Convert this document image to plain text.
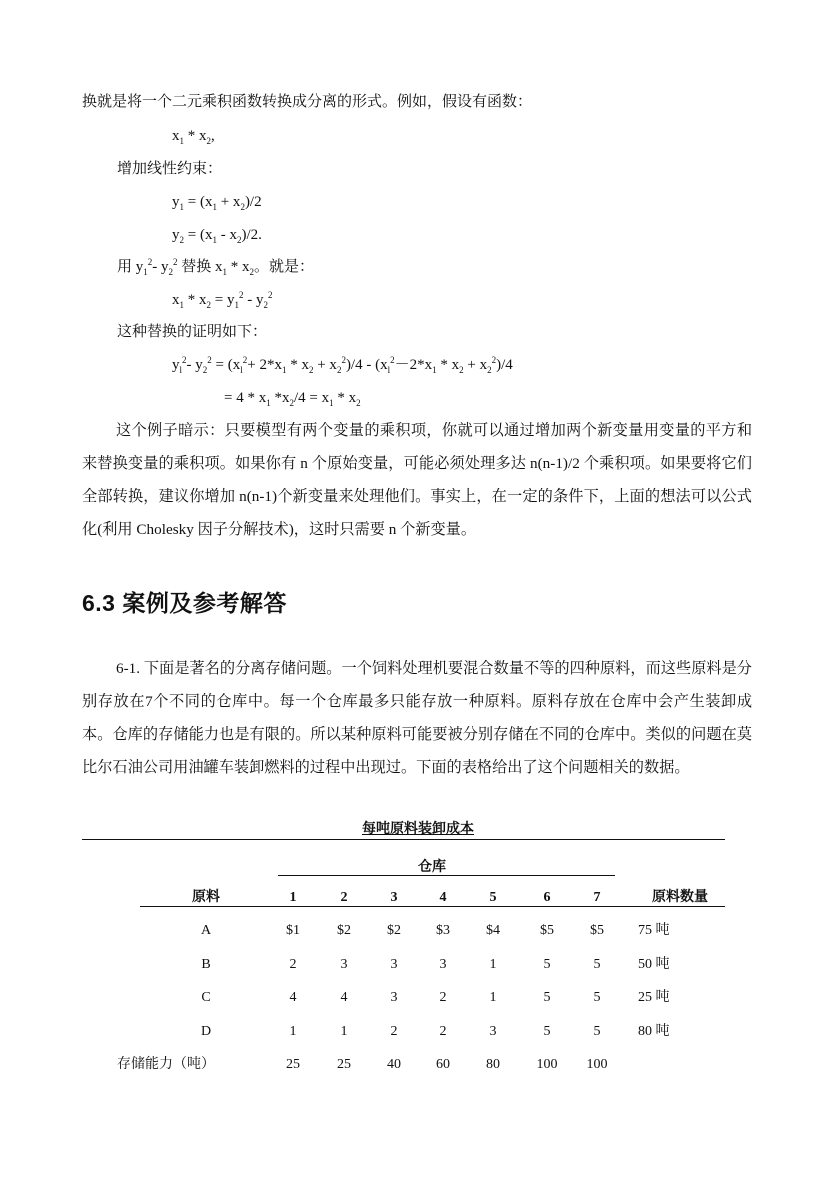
换就是将一个二元乘积函数转换成分离的形式。例如，假设有函数：
$x_1 * x_2$,
增加线性约束：
$y_1 = (x_1 + x_2)/2$
$y_2 = (x_1 - x_2)/2$.
用 $y_1^2-$ $y_2^2$ 替换 $x_1 * x_2$。就是：
$x_1 * x_2 = y_1^2 - y_2^2$
这种替换的证明如下：
$y_l^2-$ $y_2^2 = (x_l^2+ 2*x_1 * x_2 + x_2^2)/4 - (x_l^2-2*x_1 * x_2 + x_2^2)/4$
= $4 * x_1$ $*x_2/4 = x_1 * x_2$
这个例子暗示：只要模型有两个变量的乘积项，你就可以通过增加两个新变量用变量的平方和来替换变量的乘积项。如果你有 n 个原始变量，可能必须处理多达 n(n-1)/2 个乘积项。如果要将它们全部转换，建议你增加 n(n-1)个新变量来处理他们。事实上，在一定的条件下，上面的想法可以公式化(利用 Cholesky 因子分解技术)，这时只需要 n 个新变量。
6.3 案例及参考解答
6-1. 下面是著名的分离存储问题。一个饲料处理机要混合数量不等的四种原料，而这些原料是分别存放在7个不同的仓库中。每一个仓库最多只能存放一种原料。原料存放在仓库中会产生装卸成本。仓库的存储能力也是有限的。所以某种原料可能要被分别存储在不同的仓库中。类似的问题在莫比尔石油公司用油罐车装卸燃料的过程中出现过。下面的表格给出了这个问题相关的数据。
每吨原料装卸成本
仓库
原料	1	2	3	4	5	6	7	原料数量
A	$1	$2	$2	$3	$4	$5	$5	75 吨
B	2	3	3	3	1	5	5	50 吨
C	4	4	3	2	1	5	5	25 吨
D	1	1	2	2	3	5	5	80 吨
存储能力（吨）	25	25	40	60	80	100	100
